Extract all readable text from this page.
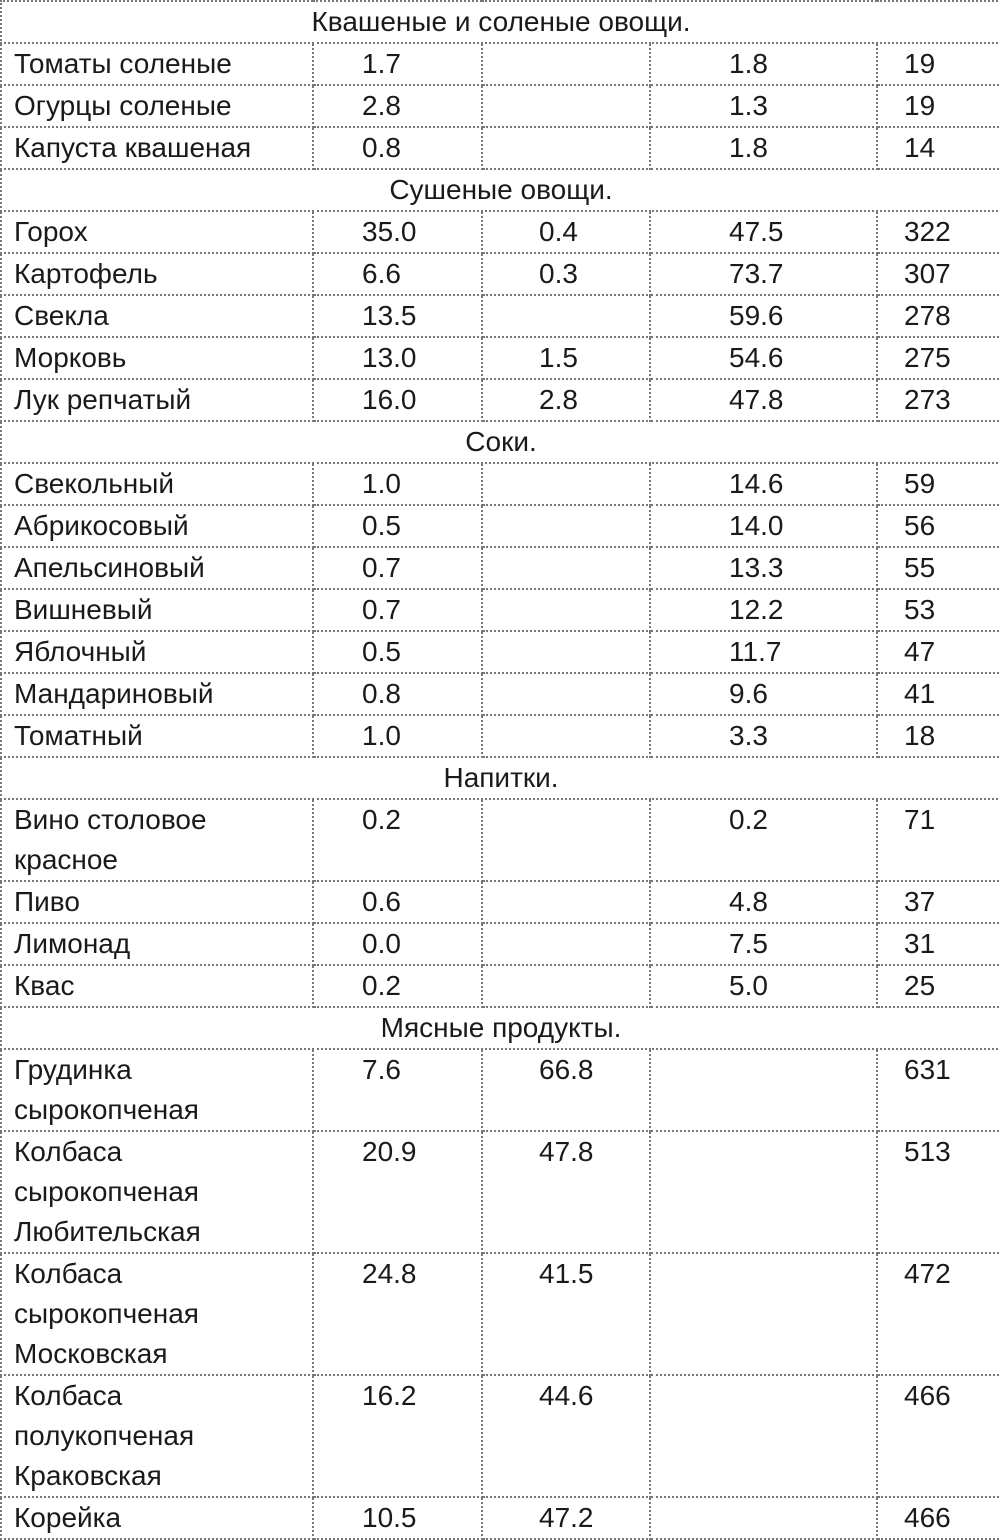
Квашеные и соленые овощи.				
Томаты соленые	1.7		1.8	19
Огурцы соленые	2.8		1.3	19
Капуста квашеная	0.8		1.8	14
Сушеные овощи.				
Горох	35.0	0.4	47.5	322
Картофель	6.6	0.3	73.7	307
Свекла	13.5		59.6	278
Морковь	13.0	1.5	54.6	275
Лук репчатый	16.0	2.8	47.8	273
Соки.				
Свекольный	1.0		14.6	59
Абрикосовый	0.5		14.0	56
Апельсиновый	0.7		13.3	55
Вишневый	0.7		12.2	53
Яблочный	0.5		11.7	47
Мандариновый	0.8		9.6	41
Томатный	1.0		3.3	18
Напитки.				
Вино столовое красное	0.2		0.2	71
Пиво	0.6		4.8	37
Лимонад	0.0		7.5	31
Квас	0.2		5.0	25
Мясные продукты.				
Грудинка сырокопченая	7.6	66.8		631
Колбаса сырокопченая Любительская	20.9	47.8		513
Колбаса сырокопченая Московская	24.8	41.5		472
Колбаса полукопченая Краковская	16.2	44.6		466
Корейка	10.5	47.2		466
